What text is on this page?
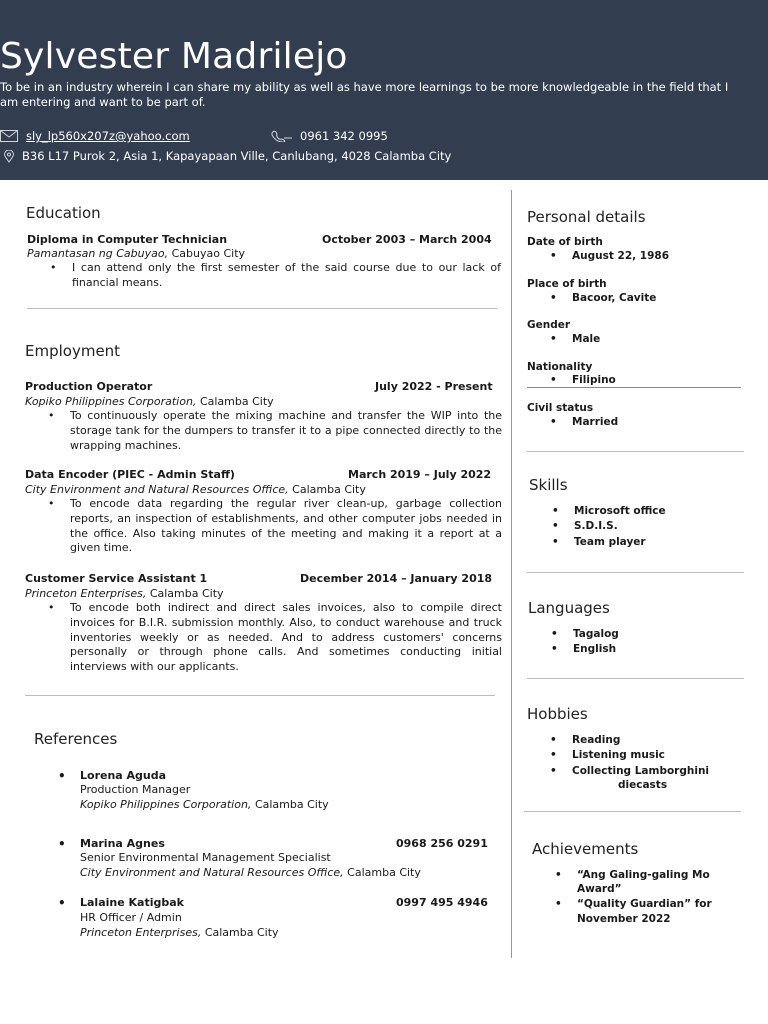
Sylvester Madrilejo
To be in an industry wherein I can share my ability as well as have more learnings to be more knowledgeable in the field that I am entering and want to be part of.
sly_lp560x207z@yahoo.com	0961 342 0995
B36 L17 Purok 2, Asia 1, Kapayapaan Ville, Canlubang, 4028 Calamba City
Education
Diploma in Computer Technician	October 2003 – March 2004
Pamantasan ng Cabuyao, Cabuyao City
• I can attend only the first semester of the said course due to our lack of financial means.
Employment
Production Operator	July 2022 - Present
Kopiko Philippines Corporation, Calamba City
• To continuously operate the mixing machine and transfer the WIP into the storage tank for the dumpers to transfer it to a pipe connected directly to the wrapping machines.
Data Encoder (PIEC - Admin Staff)	March 2019 – July 2022
City Environment and Natural Resources Office, Calamba City
• To encode data regarding the regular river clean-up, garbage collection reports, an inspection of establishments, and other computer jobs needed in the office. Also taking minutes of the meeting and making it a report at a given time.
Customer Service Assistant 1	December 2014 – January 2018
Princeton Enterprises, Calamba City
• To encode both indirect and direct sales invoices, also to compile direct invoices for B.I.R. submission monthly. Also, to conduct warehouse and truck inventories weekly or as needed. And to address customers' concerns personally or through phone calls. And sometimes conducting initial interviews with our applicants.
References
• Lorena Aguda
Production Manager
Kopiko Philippines Corporation, Calamba City
• Marina Agnes	0968 256 0291
Senior Environmental Management Specialist
City Environment and Natural Resources Office, Calamba City
• Lalaine Katigbak	0997 495 4946
HR Officer / Admin
Princeton Enterprises, Calamba City
Personal details
Date of birth
• August 22, 1986
Place of birth
• Bacoor, Cavite
Gender
• Male
Nationality
• Filipino
Civil status
• Married
Skills
• Microsoft office
• S.D.I.S.
• Team player
Languages
• Tagalog
• English
Hobbies
• Reading
• Listening music
• Collecting Lamborghini
diecasts
Achievements
• “Ang Galing-galing Mo
Award”
• “Quality Guardian” for
November 2022
